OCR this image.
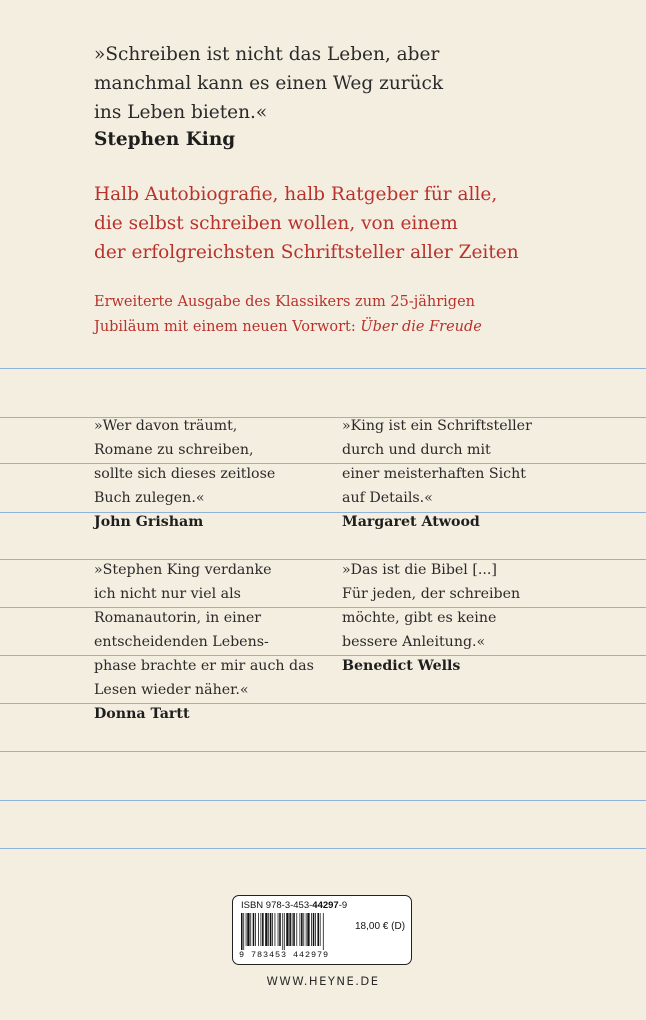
»Schreiben ist nicht das Leben, aber
manchmal kann es einen Weg zurück
ins Leben bieten.«
Stephen King
Halb Autobiografie, halb Ratgeber für alle,
die selbst schreiben wollen, von einem
der erfolgreichsten Schriftsteller aller Zeiten
Erweiterte Ausgabe des Klassikers zum 25-jährigen
Jubiläum mit einem neuen Vorwort: Über die Freude
»Wer davon träumt,
Romane zu schreiben,
sollte sich dieses zeitlose
Buch zulegen.«
John Grisham
»King ist ein Schriftsteller
durch und durch mit
einer meisterhaften Sicht
auf Details.«
Margaret Atwood
»Stephen King verdanke
ich nicht nur viel als
Romanautorin, in einer
entscheidenden Lebens-
phase brachte er mir auch das
Lesen wieder näher.«
Donna Tartt
»Das ist die Bibel [...]
Für jeden, der schreiben
möchte, gibt es keine
bessere Anleitung.«
Benedict Wells
ISBN 978-3-453-44297-9
9 783453 442979
18,00 € (D)
WWW.HEYNE.DE
